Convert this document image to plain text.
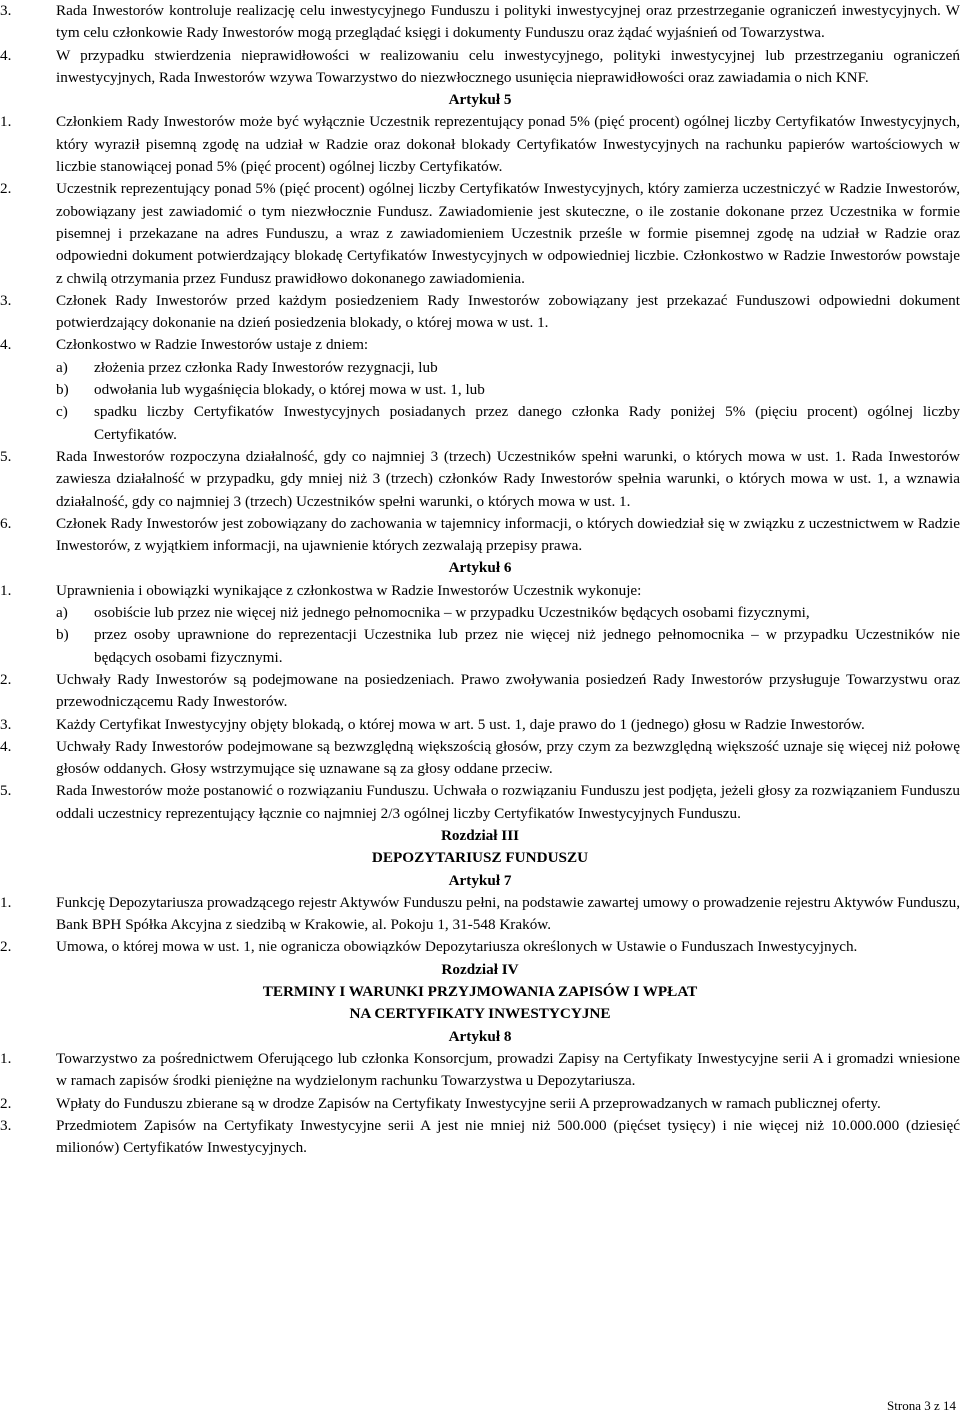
3.	Rada Inwestorów kontroluje realizację celu inwestycyjnego Funduszu i polityki inwestycyjnej oraz przestrzeganie ograniczeń inwestycyjnych. W tym celu członkowie Rady Inwestorów mogą przeglądać księgi i dokumenty Funduszu oraz żądać wyjaśnień od Towarzystwa.
4.	W przypadku stwierdzenia nieprawidłowości w realizowaniu celu inwestycyjnego, polityki inwestycyjnej lub przestrzeganiu ograniczeń inwestycyjnych, Rada Inwestorów wzywa Towarzystwo do niezwłocznego usunięcia nieprawidłowości oraz zawiadamia o nich KNF.
Artykuł 5
1.	Członkiem Rady Inwestorów może być wyłącznie Uczestnik reprezentujący ponad 5% (pięć procent) ogólnej liczby Certyfikatów Inwestycyjnych, który wyraził pisemną zgodę na udział w Radzie oraz dokonał blokady Certyfikatów Inwestycyjnych na rachunku papierów wartościowych w liczbie stanowiącej ponad 5% (pięć procent) ogólnej liczby Certyfikatów.
2.	Uczestnik reprezentujący ponad 5% (pięć procent) ogólnej liczby Certyfikatów Inwestycyjnych, który zamierza uczestniczyć w Radzie Inwestorów, zobowiązany jest zawiadomić o tym niezwłocznie Fundusz. Zawiadomienie jest skuteczne, o ile zostanie dokonane przez Uczestnika w formie pisemnej i przekazane na adres Funduszu, a wraz z zawiadomieniem Uczestnik prześle w formie pisemnej zgodę na udział w Radzie oraz odpowiedni dokument potwierdzający blokadę Certyfikatów Inwestycyjnych w odpowiedniej liczbie. Członkostwo w Radzie Inwestorów powstaje z chwilą otrzymania przez Fundusz prawidłowo dokonanego zawiadomienia.
3.	Członek Rady Inwestorów przed każdym posiedzeniem Rady Inwestorów zobowiązany jest przekazać Funduszowi odpowiedni dokument potwierdzający dokonanie na dzień posiedzenia blokady, o której mowa w ust. 1.
4.	Członkostwo w Radzie Inwestorów ustaje z dniem:
a) złożenia przez członka Rady Inwestorów rezygnacji, lub
b) odwołania lub wygaśnięcia blokady, o której mowa w ust. 1, lub
c) spadku liczby Certyfikatów Inwestycyjnych posiadanych przez danego członka Rady poniżej 5% (pięciu procent) ogólnej liczby Certyfikatów.
5.	Rada Inwestorów rozpoczyna działalność, gdy co najmniej 3 (trzech) Uczestników spełni warunki, o których mowa w ust. 1. Rada Inwestorów zawiesza działalność w przypadku, gdy mniej niż 3 (trzech) członków Rady Inwestorów spełnia warunki, o których mowa w ust. 1, a wznawia działalność, gdy co najmniej 3 (trzech) Uczestników spełni warunki, o których mowa w ust. 1.
6.	Członek Rady Inwestorów jest zobowiązany do zachowania w tajemnicy informacji, o których dowiedział się w związku z uczestnictwem w Radzie Inwestorów, z wyjątkiem informacji, na ujawnienie których zezwalają przepisy prawa.
Artykuł 6
1.	Uprawnienia i obowiązki wynikające z członkostwa w Radzie Inwestorów Uczestnik wykonuje:
a) osobiście lub przez nie więcej niż jednego pełnomocnika – w przypadku Uczestników będących osobami fizycznymi,
b) przez osoby uprawnione do reprezentacji Uczestnika lub przez nie więcej niż jednego pełnomocnika – w przypadku Uczestników nie będących osobami fizycznymi.
2.	Uchwały Rady Inwestorów są podejmowane na posiedzeniach. Prawo zwoływania posiedzeń Rady Inwestorów przysługuje Towarzystwu oraz przewodniczącemu Rady Inwestorów.
3.	Każdy Certyfikat Inwestycyjny objęty blokadą, o której mowa w art. 5 ust. 1, daje prawo do 1 (jednego) głosu w Radzie Inwestorów.
4.	Uchwały Rady Inwestorów podejmowane są bezwzględną większością głosów, przy czym za bezwzględną większość uznaje się więcej niż połowę głosów oddanych. Głosy wstrzymujące się uznawane są za głosy oddane przeciw.
5.	Rada Inwestorów może postanowić o rozwiązaniu Funduszu. Uchwała o rozwiązaniu Funduszu jest podjęta, jeżeli głosy za rozwiązaniem Funduszu oddali uczestnicy reprezentujący łącznie co najmniej 2/3 ogólnej liczby Certyfikatów Inwestycyjnych Funduszu.
Rozdział III
DEPOZYTARIUSZ FUNDUSZU
Artykuł 7
1.	Funkcję Depozytariusza prowadzącego rejestr Aktywów Funduszu pełni, na podstawie zawartej umowy o prowadzenie rejestru Aktywów Funduszu, Bank BPH Spółka Akcyjna z siedzibą w Krakowie, al. Pokoju 1, 31-548 Kraków.
2.	Umowa, o której mowa w ust. 1, nie ogranicza obowiązków Depozytariusza określonych w Ustawie o Funduszach Inwestycyjnych.
Rozdział IV
TERMINY I WARUNKI PRZYJMOWANIA ZAPISÓW I WPŁAT
NA CERTYFIKATY INWESTYCYJNE
Artykuł 8
1.	Towarzystwo za pośrednictwem Oferującego lub członka Konsorcjum, prowadzi Zapisy na Certyfikaty Inwestycyjne serii A i gromadzi wniesione w ramach zapisów środki pieniężne na wydzielonym rachunku Towarzystwa u Depozytariusza.
2.	Wpłaty do Funduszu zbierane są w drodze Zapisów na Certyfikaty Inwestycyjne serii A przeprowadzanych w ramach publicznej oferty.
3.	Przedmiotem Zapisów na Certyfikaty Inwestycyjne serii A jest nie mniej niż 500.000 (pięćset tysięcy) i nie więcej niż 10.000.000 (dziesięć milionów) Certyfikatów Inwestycyjnych.
Strona 3 z 14
